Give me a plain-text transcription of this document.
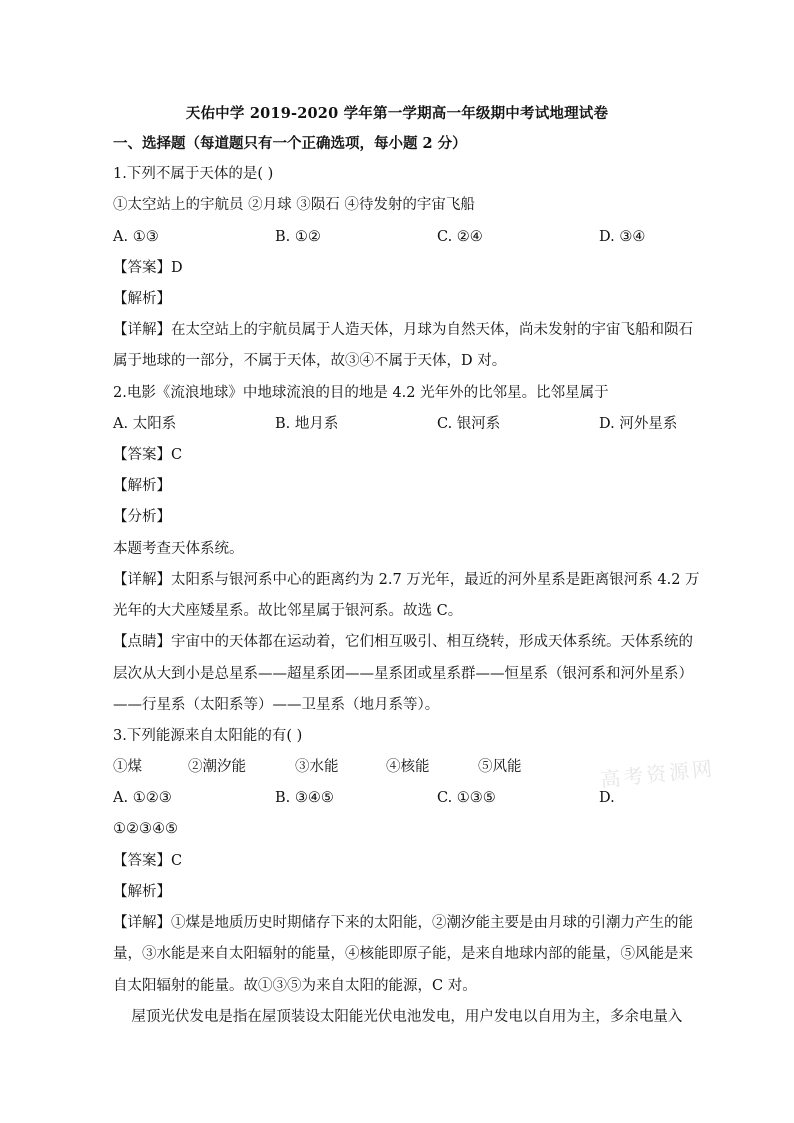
天佑中学 2019-2020 学年第一学期高一年级期中考试地理试卷
一、选择题（每道题只有一个正确选项，每小题 2 分）
1.下列不属于天体的是( )
①太空站上的宇航员 ②月球 ③陨石 ④待发射的宇宙飞船
A. ①③	B. ①②	C. ②④	D. ③④
【答案】D
【解析】
【详解】在太空站上的宇航员属于人造天体，月球为自然天体，尚未发射的宇宙飞船和陨石
属于地球的一部分，不属于天体，故③④不属于天体，D 对。
2.电影《流浪地球》中地球流浪的目的地是 4.2 光年外的比邻星。比邻星属于
A. 太阳系	B. 地月系	C. 银河系	D. 河外星系
【答案】C
【解析】
【分析】
本题考查天体系统。
【详解】太阳系与银河系中心的距离约为 2.7 万光年，最近的河外星系是距离银河系 4.2 万
光年的大犬座矮星系。故比邻星属于银河系。故选 C。
【点睛】宇宙中的天体都在运动着，它们相互吸引、相互绕转，形成天体系统。天体系统的
层次从大到小是总星系——超星系团——星系团或星系群——恒星系（银河系和河外星系）
——行星系（太阳系等）——卫星系（地月系等）。
3.下列能源来自太阳能的有( )
①煤	②潮汐能	③水能	④核能	⑤风能
A. ①②③	B. ③④⑤	C. ①③⑤	D.
①②③④⑤
【答案】C
【解析】
【详解】①煤是地质历史时期储存下来的太阳能，②潮汐能主要是由月球的引潮力产生的能
量，③水能是来自太阳辐射的能量，④核能即原子能，是来自地球内部的能量，⑤风能是来
自太阳辐射的能量。故①③⑤为来自太阳的能源，C 对。
屋顶光伏发电是指在屋顶装设太阳能光伏电池发电，用户发电以自用为主，多余电量入
高考资源网
